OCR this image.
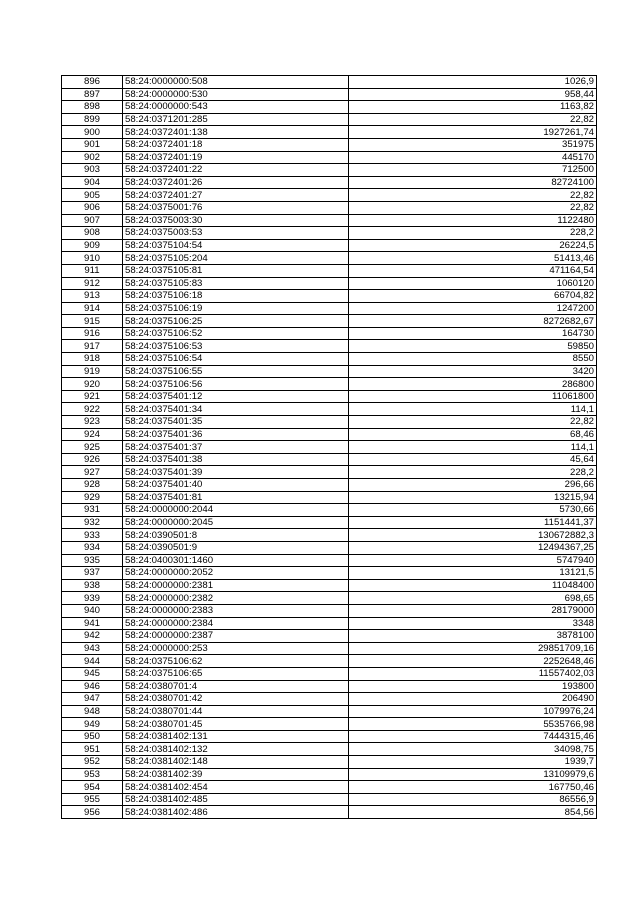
896	58:24:0000000:508	1026,9
897	58:24:0000000:530	958,44
898	58:24:0000000:543	1163,82
899	58:24:0371201:285	22,82
900	58:24:0372401:138	1927261,74
901	58:24:0372401:18	351975
902	58:24:0372401:19	445170
903	58:24:0372401:22	712500
904	58:24:0372401:26	82724100
905	58:24:0372401:27	22,82
906	58:24:0375001:76	22,82
907	58:24:0375003:30	1122480
908	58:24:0375003:53	228,2
909	58:24:0375104:54	26224,5
910	58:24:0375105:204	51413,46
911	58:24:0375105:81	471164,54
912	58:24:0375105:83	1060120
913	58:24:0375106:18	66704,82
914	58:24:0375106:19	1247200
915	58:24:0375106:25	8272682,67
916	58:24:0375106:52	164730
917	58:24:0375106:53	59850
918	58:24:0375106:54	8550
919	58:24:0375106:55	3420
920	58:24:0375106:56	286800
921	58:24:0375401:12	11061800
922	58:24:0375401:34	114,1
923	58:24:0375401:35	22,82
924	58:24:0375401:36	68,46
925	58:24:0375401:37	114,1
926	58:24:0375401:38	45,64
927	58:24:0375401:39	228,2
928	58:24:0375401:40	296,66
929	58:24:0375401:81	13215,94
931	58:24:0000000:2044	5730,66
932	58:24:0000000:2045	1151441,37
933	58:24:0390501:8	130672882,3
934	58:24:0390501:9	12494367,25
935	58:24:0400301:1460	5747940
937	58:24:0000000:2052	13121,5
938	58:24:0000000:2381	11048400
939	58:24:0000000:2382	698,65
940	58:24:0000000:2383	28179000
941	58:24:0000000:2384	3348
942	58:24:0000000:2387	3878100
943	58:24:0000000:253	29851709,16
944	58:24:0375106:62	2252648,46
945	58:24:0375106:65	11557402,03
946	58:24:0380701:4	193800
947	58:24:0380701:42	206490
948	58:24:0380701:44	1079976,24
949	58:24:0380701:45	5535766,98
950	58:24:0381402:131	7444315,46
951	58:24:0381402:132	34098,75
952	58:24:0381402:148	1939,7
953	58:24:0381402:39	13109979,6
954	58:24:0381402:454	167750,46
955	58:24:0381402:485	86556,9
956	58:24:0381402:486	854,56
